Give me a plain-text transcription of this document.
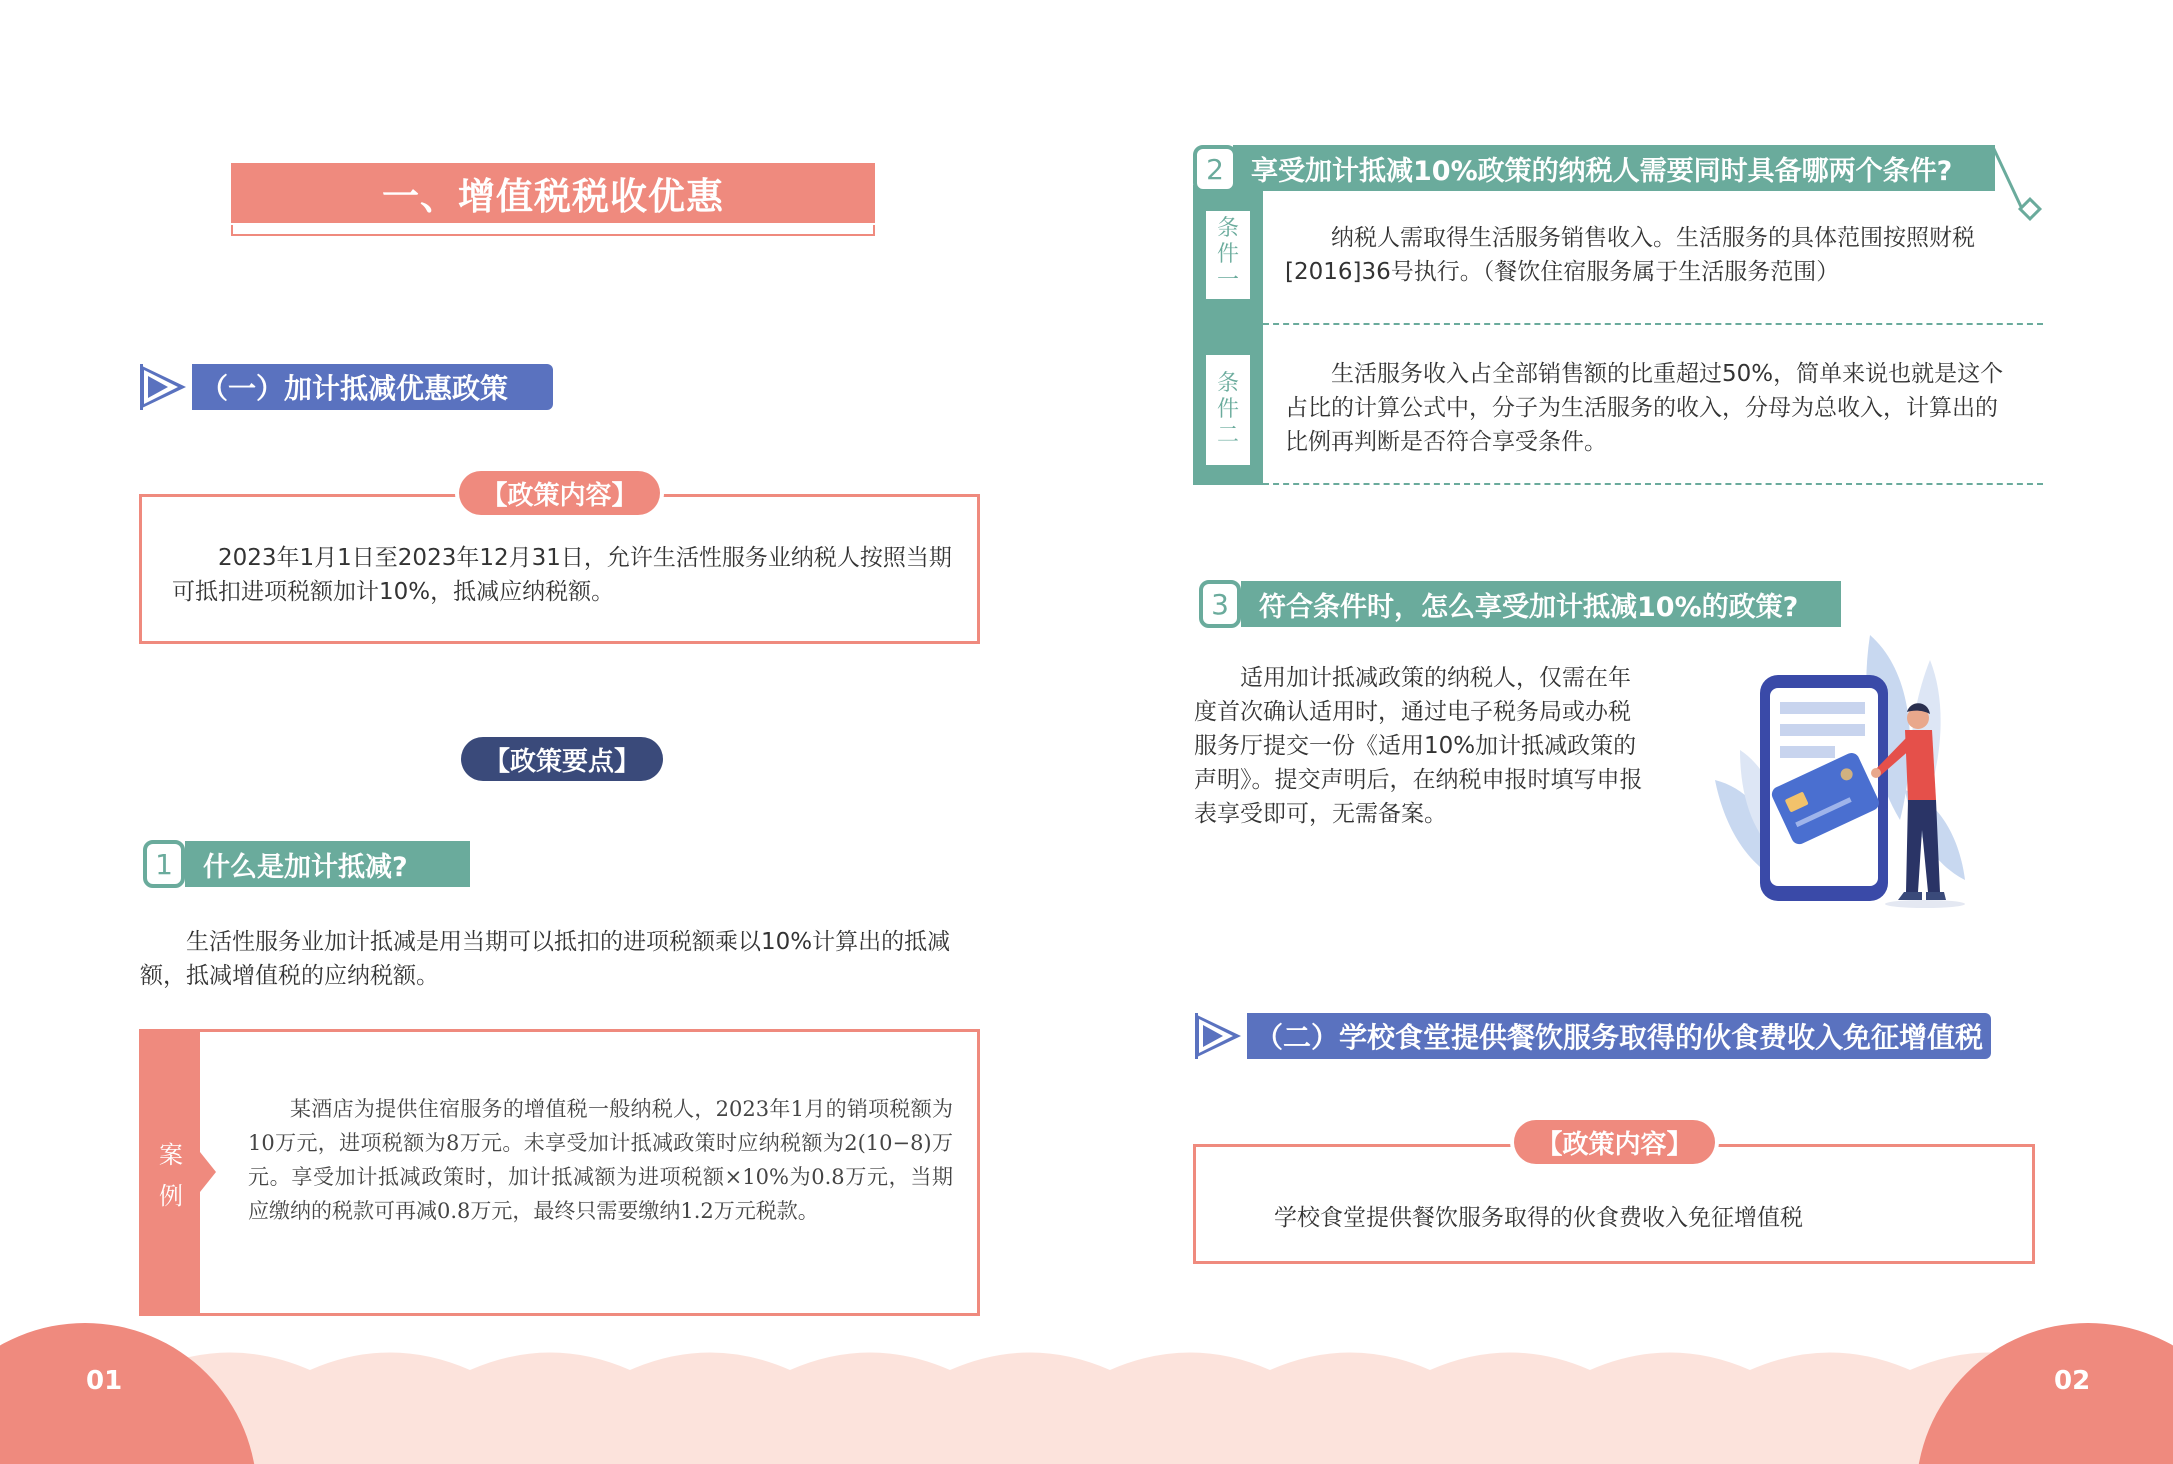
一、增值税税收优惠
（一）加计抵减优惠政策
2023年1月1日至2023年12月31日，允许生活性服务业纳税人按照当期可抵扣进项税额加计10%，抵减应纳税额。
【政策内容】
【政策要点】
1	什么是加计抵减?
生活性服务业加计抵减是用当期可以抵扣的进项税额乘以10%计算出的抵减额，抵减增值税的应纳税额。
案
例
某酒店为提供住宿服务的增值税一般纳税人，2023年1月的销项税额为10万元，进项税额为8万元。未享受加计抵减政策时应纳税额为2(10−8)万元。享受加计抵减政策时，加计抵减额为进项税额×10%为0.8万元，当期应缴纳的税款可再减0.8万元，最终只需要缴纳1.2万元税款。
享受加计抵减10%政策的纳税人需要同时具备哪两个条件?
2
条
件
一
纳税人需取得生活服务销售收入。生活服务的具体范围按照财税[2016]36号执行。（餐饮住宿服务属于生活服务范围）
条
件
二
生活服务收入占全部销售额的比重超过50%，简单来说也就是这个占比的计算公式中，分子为生活服务的收入，分母为总收入，计算出的比例再判断是否符合享受条件。
3	符合条件时，怎么享受加计抵减10%的政策?
适用加计抵减政策的纳税人，仅需在年度首次确认适用时，通过电子税务局或办税服务厅提交一份《适用10%加计抵减政策的声明》。提交声明后，在纳税申报时填写申报表享受即可，无需备案。
（二）学校食堂提供餐饮服务取得的伙食费收入免征增值税
学校食堂提供餐饮服务取得的伙食费收入免征增值税
【政策内容】
01	02
